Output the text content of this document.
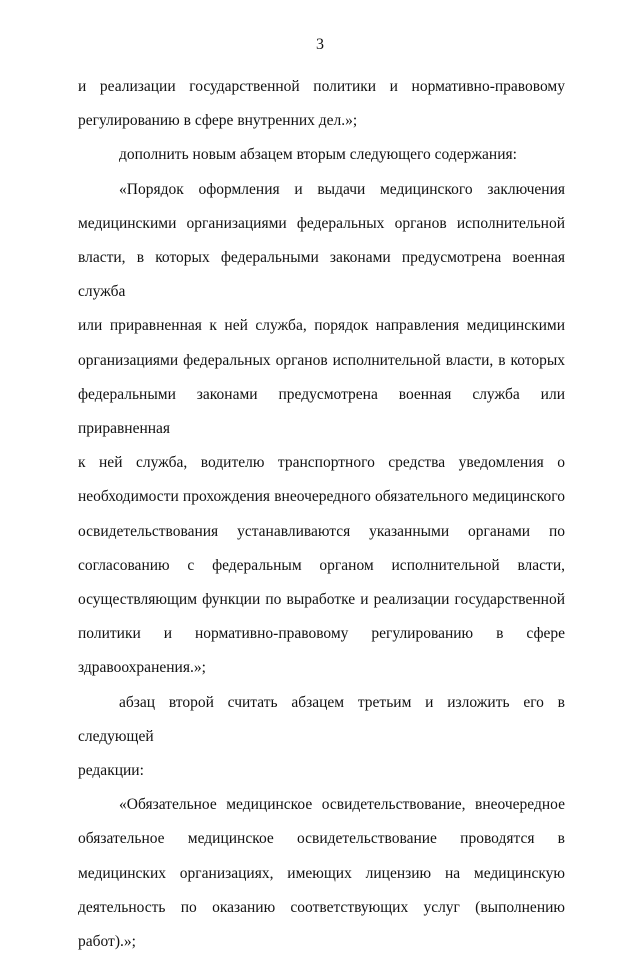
3

и реализации государственной политики и нормативно-правовому
регулированию в сфере внутренних дел.»;

дополнить новым абзацем вторым следующего содержания:

«Порядок оформления и выдачи медицинского заключения
медицинскими организациями федеральных органов исполнительной
власти, в которых федеральными законами предусмотрена военная служба
или приравненная к ней служба, порядок направления медицинскими
организациями федеральных органов исполнительной власти, в которых
федеральными законами предусмотрена военная служба или приравненная
к ней служба, водителю транспортного средства уведомления о
необходимости прохождения внеочередного обязательного медицинского
освидетельствования устанавливаются указанными органами по
согласованию с федеральным органом исполнительной власти,
осуществляющим функции по выработке и реализации государственной
политики и нормативно-правовому регулированию в сфере
здравоохранения.»;

абзац второй считать абзацем третьим и изложить его в следующей
редакции:

«Обязательное медицинское освидетельствование, внеочередное
обязательное медицинское освидетельствование проводятся в
медицинских организациях, имеющих лицензию на медицинскую
деятельность по оказанию соответствующих услуг (выполнению работ).»;
